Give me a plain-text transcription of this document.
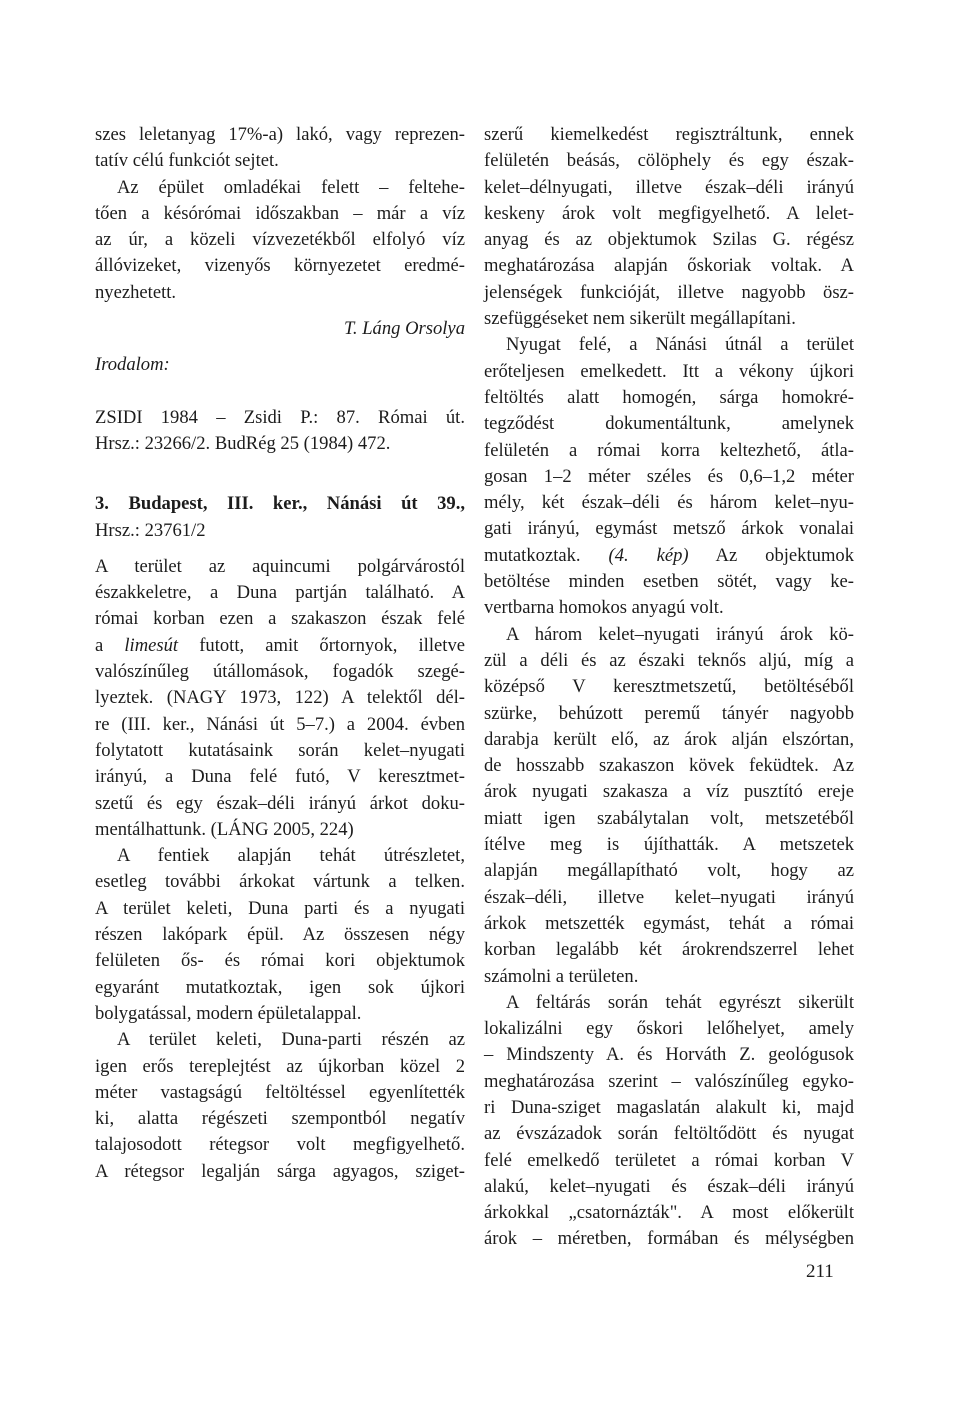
szes leletanyag 17%-a) lakó, vagy reprezen-
tatív célú funkciót sejtet.
Az épület omladékai felett – feltehe-
tően a késórómai időszakban – már a víz
az úr, a közeli vízvezetékből elfolyó víz
állóvizeket, vizenyős környezetet eredmé-
nyezhetett.
T. Láng Orsolya
Irodalom:
ZSIDI 1984 – Zsidi P.: 87. Római út.
Hrsz.: 23266/2. BudRég 25 (1984) 472.
3. Budapest, III. ker., Nánási út 39.,
Hrsz.: 23761/2
A terület az aquincumi polgárvárostól
északkeletre, a Duna partján található. A
római korban ezen a szakaszon észak felé
a limesút futott, amit őrtornyok, illetve
valószínűleg útállomások, fogadók szegé-
lyeztek. (NAGY 1973, 122) A telektől dél-
re (III. ker., Nánási út 5–7.) a 2004. évben
folytatott kutatásaink során kelet–nyugati
irányú, a Duna felé futó, V keresztmet-
szetű és egy észak–déli irányú árkot doku-
mentálhattunk. (LÁNG 2005, 224)
A fentiek alapján tehát útrészletet,
esetleg további árkokat vártunk a telken.
A terület keleti, Duna parti és a nyugati
részen lakópark épül. Az összesen négy
felületen ős- és római kori objektumok
egyaránt mutatkoztak, igen sok újkori
bolygatással, modern épületalappal.
A terület keleti, Duna-parti részén az
igen erős tereplejtést az újkorban közel 2
méter vastagságú feltöltéssel egyenlítették
ki, alatta régészeti szempontból negatív
talajosodott rétegsor volt megfigyelhető.
A rétegsor legalján sárga agyagos, sziget-
szerű kiemelkedést regisztráltunk, ennek
felületén beásás, cölöphely és egy észak-
kelet–délnyugati, illetve észak–déli irányú
keskeny árok volt megfigyelhető. A lelet-
anyag és az objektumok Szilas G. régész
meghatározása alapján őskoriak voltak. A
jelenségek funkcióját, illetve nagyobb ösz-
szefüggéseket nem sikerült megállapítani.
Nyugat felé, a Nánási útnál a terület
erőteljesen emelkedett. Itt a vékony újkori
feltöltés alatt homogén, sárga homokré-
tegződést dokumentáltunk, amelynek
felületén a római korra keltezhető, átla-
gosan 1–2 méter széles és 0,6–1,2 méter
mély, két észak–déli és három kelet–nyu-
gati irányú, egymást metsző árkok vonalai
mutatkoztak. (4. kép) Az objektumok
betöltése minden esetben sötét, vagy ke-
vertbarna homokos anyagú volt.
A három kelet–nyugati irányú árok kö-
zül a déli és az északi teknős aljú, míg a
középső V keresztmetszetű, betöltéséből
szürke, behúzott peremű tányér nagyobb
darabja került elő, az árok alján elszórtan,
de hosszabb szakaszon kövek feküdtek. Az
árok nyugati szakasza a víz pusztító ereje
miatt igen szabálytalan volt, metszetéből
ítélve meg is újíthatták. A metszetek
alapján megállapítható volt, hogy az
észak–déli, illetve kelet–nyugati irányú
árkok metszették egymást, tehát a római
korban legalább két árokrendszerrel lehet
számolni a területen.
A feltárás során tehát egyrészt sikerült
lokalizálni egy őskori lelőhelyet, amely
– Mindszenty A. és Horváth Z. geológusok
meghatározása szerint – valószínűleg egyko-
ri Duna-sziget magaslatán alakult ki, majd
az évszázadok során feltöltődött és nyugat
felé emelkedő területet a római korban V
alakú, kelet–nyugati és észak–déli irányú
árkokkal „csatornázták". A most előkerült
árok – méretben, formában és mélységben
211
